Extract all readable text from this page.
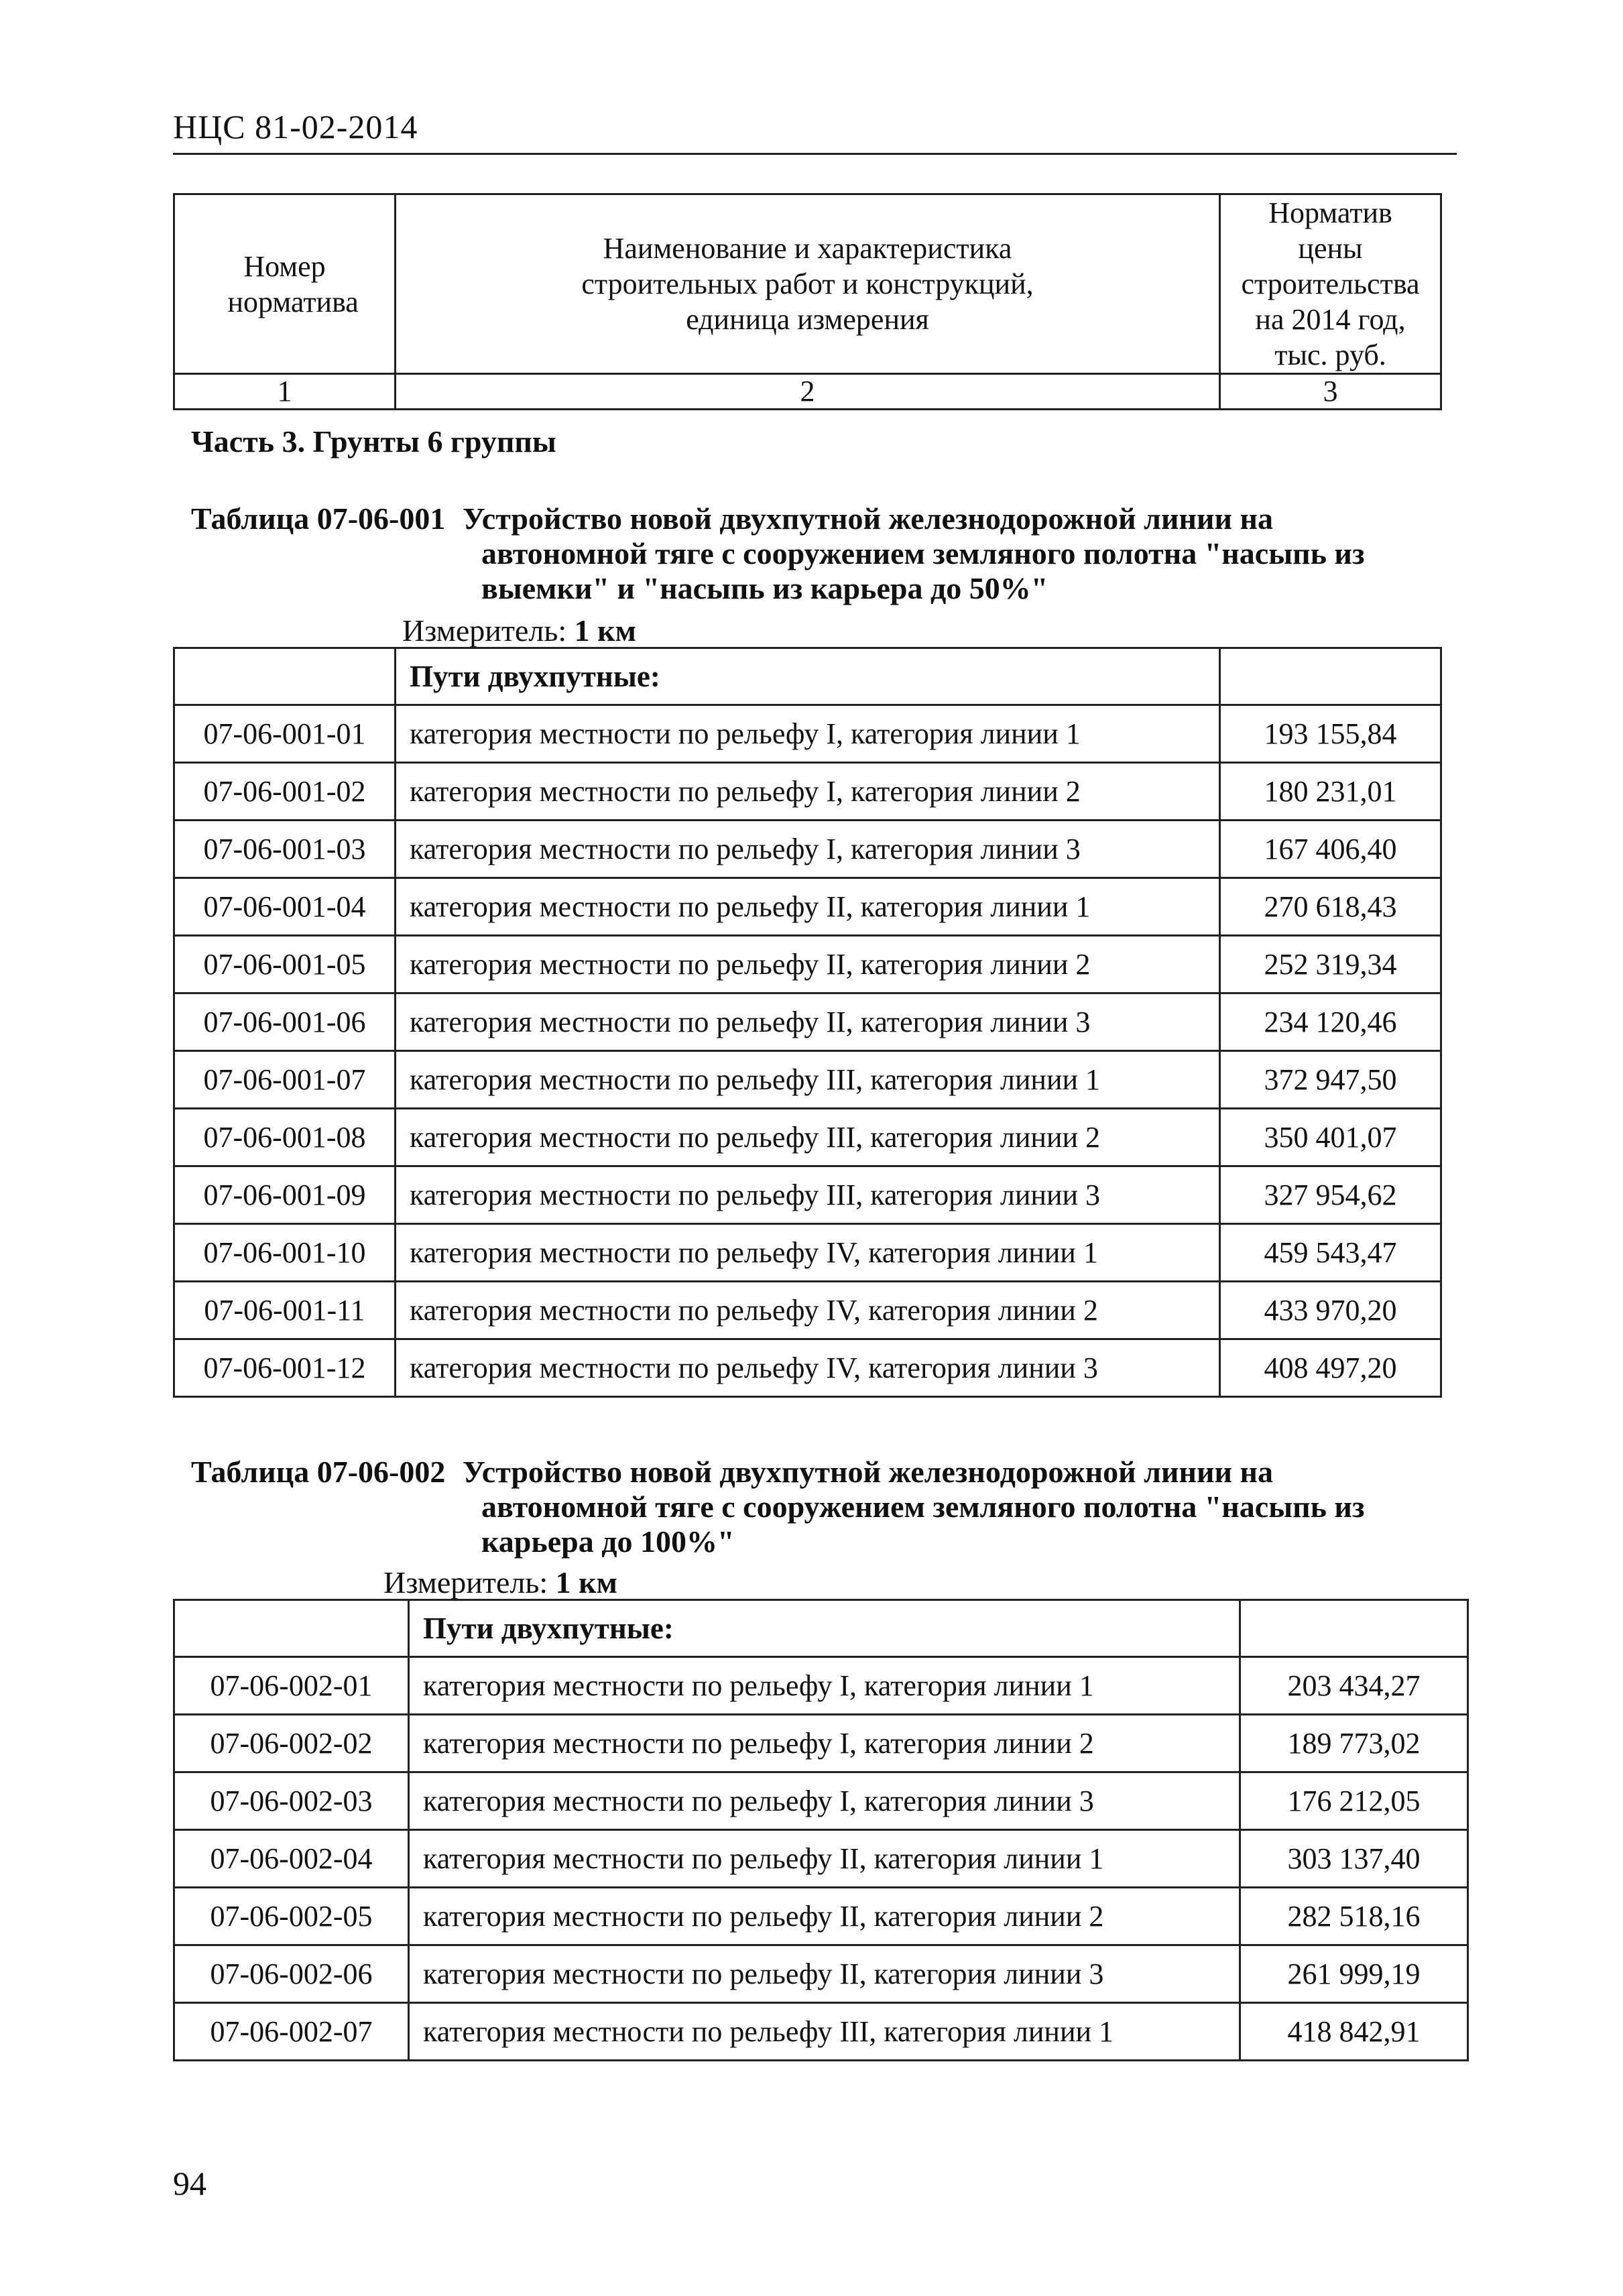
НЦС 81-02-2014
Номер норматива	Наименование и характеристика строительных работ и конструкций, единица измерения	Норматив цены строительства на 2014 год, тыс. руб.

1	2	3
Часть 3. Грунты 6 группы
Таблица 07-06-001 Устройство новой двухпутной железнодорожной линии на
автономной тяге с сооружением земляного полотна "насыпь из выемки" и "насыпь из карьера до 50%"
Измеритель: 1 км
	Пути двухпутные:	
07-06-001-01	категория местности по рельефу I, категория линии 1	193 155,84
07-06-001-02	категория местности по рельефу I, категория линии 2	180 231,01
07-06-001-03	категория местности по рельефу I, категория линии 3	167 406,40
07-06-001-04	категория местности по рельефу II, категория линии 1	270 618,43
07-06-001-05	категория местности по рельефу II, категория линии 2	252 319,34
07-06-001-06	категория местности по рельефу II, категория линии 3	234 120,46
07-06-001-07	категория местности по рельефу III, категория линии 1	372 947,50
07-06-001-08	категория местности по рельефу III, категория линии 2	350 401,07
07-06-001-09	категория местности по рельефу III, категория линии 3	327 954,62
07-06-001-10	категория местности по рельефу IV, категория линии 1	459 543,47
07-06-001-11	категория местности по рельефу IV, категория линии 2	433 970,20
07-06-001-12	категория местности по рельефу IV, категория линии 3	408 497,20
Таблица 07-06-002 Устройство новой двухпутной железнодорожной линии на
автономной тяге с сооружением земляного полотна "насыпь из карьера до 100%"
Измеритель: 1 км
	Пути двухпутные:	
07-06-002-01	категория местности по рельефу I, категория линии 1	203 434,27
07-06-002-02	категория местности по рельефу I, категория линии 2	189 773,02
07-06-002-03	категория местности по рельефу I, категория линии 3	176 212,05
07-06-002-04	категория местности по рельефу II, категория линии 1	303 137,40
07-06-002-05	категория местности по рельефу II, категория линии 2	282 518,16
07-06-002-06	категория местности по рельефу II, категория линии 3	261 999,19
07-06-002-07	категория местности по рельефу III, категория линии 1	418 842,91
94
